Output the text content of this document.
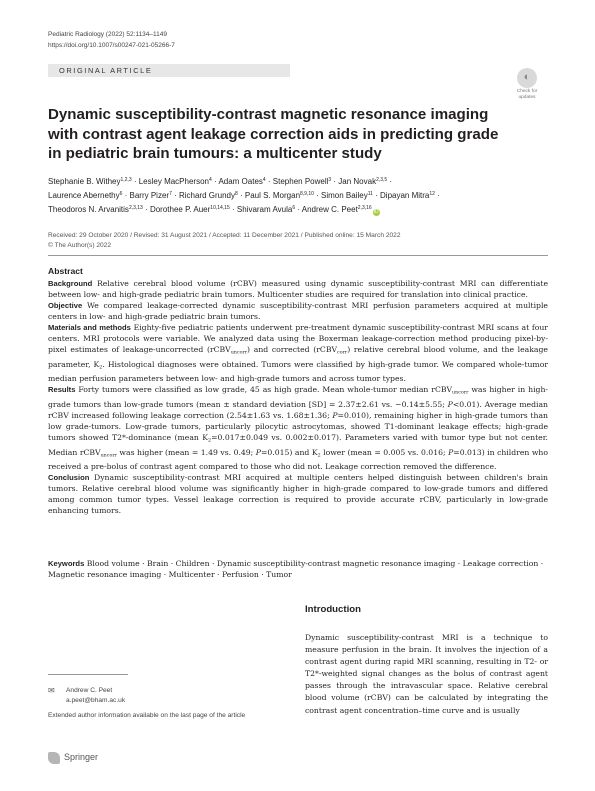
Pediatric Radiology (2022) 52:1134–1149
https://doi.org/10.1007/s00247-021-05266-7
ORIGINAL ARTICLE
◐
Check for updates
Dynamic susceptibility-contrast magnetic resonance imaging with contrast agent leakage correction aids in predicting grade in pediatric brain tumours: a multicenter study
Stephanie B. Withey$^{1,2,3}$ · Lesley MacPherson$^4$ · Adam Oates$^4$ · Stephen Powell$^3$ · Jan Novak$^{2,3,5}$ ·
Laurence Abernethy$^6$ · Barry Pizer$^7$ · Richard Grundy$^8$ · Paul S. Morgan$^{8,9,10}$ · Simon Bailey$^{11}$ · Dipayan Mitra$^{12}$ ·
Theodoros N. Arvanitis$^{2,3,13}$ · Dorothee P. Auer$^{10,14,15}$ · Shivaram Avula$^6$ · Andrew C. Peet$^{2,3,16}$iD
Received: 29 October 2020 / Revised: 31 August 2021 / Accepted: 11 December 2021 / Published online: 15 March 2022
© The Author(s) 2022
Abstract
Background Relative cerebral blood volume (rCBV) measured using dynamic susceptibility-contrast MRI can differentiate between low- and high-grade pediatric brain tumors. Multicenter studies are required for translation into clinical practice.
Objective We compared leakage-corrected dynamic susceptibility-contrast MRI perfusion parameters acquired at multiple centers in low- and high-grade pediatric brain tumors.
Materials and methods Eighty-five pediatric patients underwent pre-treatment dynamic susceptibility-contrast MRI scans at four centers. MRI protocols were variable. We analyzed data using the Boxerman leakage-correction method producing pixel-by-pixel estimates of leakage-uncorrected (rCBV$_{uncorr}$) and corrected (rCBV$_{corr}$) relative cerebral blood volume, and the leakage parameter, $K_2$. Histological diagnoses were obtained. Tumors were classified by high-grade tumor. We compared whole-tumor median perfusion parameters between low- and high-grade tumors and across tumor types.
Results Forty tumors were classified as low grade, 45 as high grade. Mean whole-tumor median rCBV$_{uncorr}$ was higher in high-grade tumors than low-grade tumors (mean ± standard deviation [SD] = 2.37±2.61 vs. −0.14±5.55; P<0.01). Average median rCBV increased following leakage correction (2.54±1.63 vs. 1.68±1.36; P=0.010), remaining higher in high-grade tumors than low grade-tumors. Low-grade tumors, particularly pilocytic astrocytomas, showed T1-dominant leakage effects; high-grade tumors showed T2*-dominance (mean $K_2=0.017\pm 0.049$ vs. 0.002±0.017). Parameters varied with tumor type but not center. Median rCBV$_{uncorr}$ was higher (mean = 1.49 vs. 0.49; P=0.015) and $K_2$ lower (mean = 0.005 vs. 0.016; P=0.013) in children who received a pre-bolus of contrast agent compared to those who did not. Leakage correction removed the difference.
Conclusion Dynamic susceptibility-contrast MRI acquired at multiple centers helped distinguish between children's brain tumors. Relative cerebral blood volume was significantly higher in high-grade compared to low-grade tumors and differed among common tumor types. Vessel leakage correction is required to provide accurate rCBV, particularly in low-grade enhancing tumors.
Keywords Blood volume · Brain · Children · Dynamic susceptibility-contrast magnetic resonance imaging · Leakage correction · Magnetic resonance imaging · Multicenter · Perfusion · Tumor
Introduction
Dynamic susceptibility-contrast MRI is a technique to measure perfusion in the brain. It involves the injection of a contrast agent during rapid MRI scanning, resulting in T2- or T2*-weighted signal changes as the bolus of contrast agent passes through the intravascular space. Relative cerebral blood volume (rCBV) can be calculated by integrating the contrast agent concentration–time curve and is usually
✉ Andrew C. Peet
a.peet@bham.ac.uk
Extended author information available on the last page of the article
Springer
